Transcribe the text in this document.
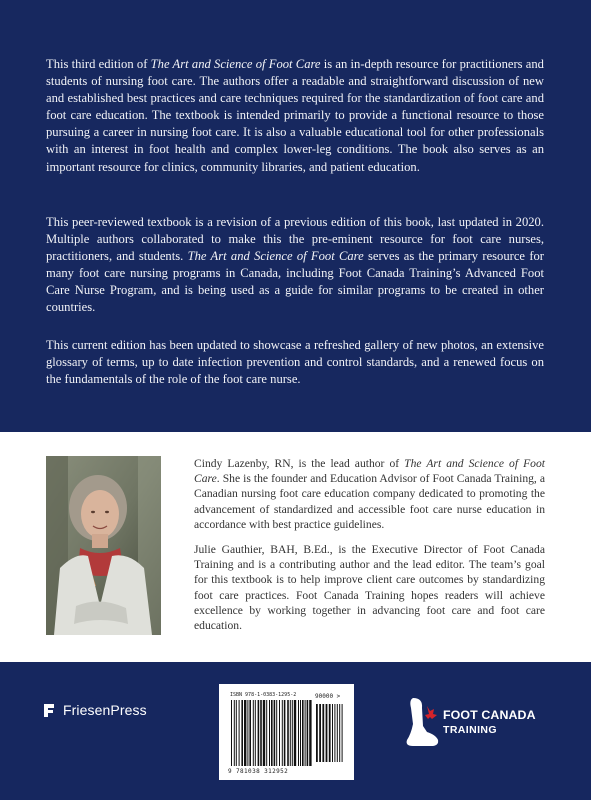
This third edition of The Art and Science of Foot Care is an in-depth resource for practitioners and students of nursing foot care. The authors offer a readable and straightforward discussion of new and established best practices and care techniques required for the standardization of foot care and foot care education. The textbook is intended primarily to provide a functional resource to those pursuing a career in nursing foot care. It is also a valuable educational tool for other professionals with an interest in foot health and complex lower-leg conditions. The book also serves as an important resource for clinics, community libraries, and patient education.

This peer-reviewed textbook is a revision of a previous edition of this book, last updated in 2020. Multiple authors collaborated to make this the pre-eminent resource for foot care nurses, practitioners, and students. The Art and Science of Foot Care serves as the primary resource for many foot care nursing programs in Canada, including Foot Canada Training’s Advanced Foot Care Nurse Program, and is being used as a guide for similar programs to be created in other countries.

This current edition has been updated to showcase a refreshed gallery of new photos, an extensive glossary of terms, up to date infection prevention and control standards, and a renewed focus on the fundamentals of the role of the foot care nurse.

Cindy Lazenby, RN, is the lead author of The Art and Science of Foot Care. She is the founder and Education Advisor of Foot Canada Training, a Canadian nursing foot care education company dedicated to promoting the advancement of standardized and accessible foot care nurse education in accordance with best practice guidelines.

Julie Gauthier, BAH, B.Ed., is the Executive Director of Foot Canada Training and is a contributing author and the lead editor. The team’s goal for this textbook is to help improve client care outcomes by standardizing foot care practices. Foot Canada Training hopes readers will achieve excellence by working together in advancing foot care and foot care education.

FriesenPress
ISBN 978-1-0383-1295-2	90000 >
9 781038 312952
FOOT CANADA
TRAINING
